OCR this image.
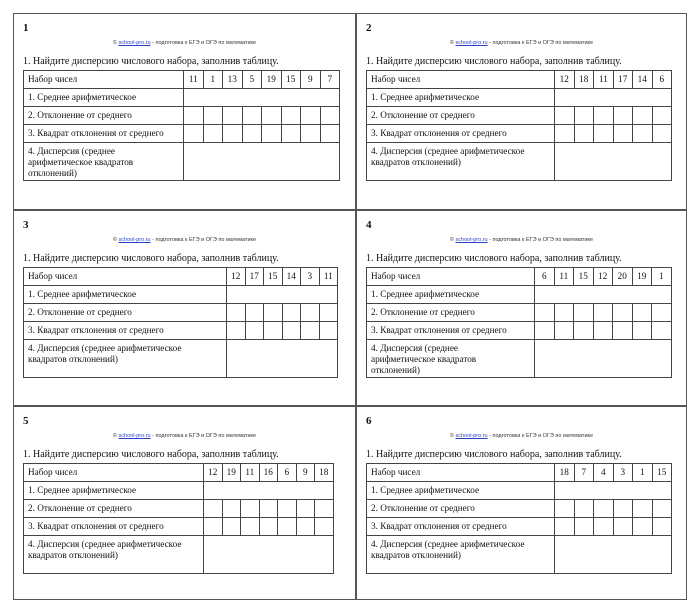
1
© school-pro.ru - подготовка к ЕГЭ и ОГЭ по математике
1. Найдите дисперсию числового набора, заполнив таблицу.
Набор чисел	11	1	13	5	19	15	9	7
1. Среднее арифметическое								
2. Отклонение от среднего								
3. Квадрат отклонения от среднего								
4. Дисперсия (среднее
арифметическое квадратов
отклонений)								
2
© school-pro.ru - подготовка к ЕГЭ и ОГЭ по математике
1. Найдите дисперсию числового набора, заполнив таблицу.
Набор чисел	12	18	11	17	14	6
1. Среднее арифметическое						
2. Отклонение от среднего						
3. Квадрат отклонения от среднего						
4. Дисперсия (среднее арифметическое
квадратов отклонений)						
3
© school-pro.ru - подготовка к ЕГЭ и ОГЭ по математике
1. Найдите дисперсию числового набора, заполнив таблицу.
Набор чисел	12	17	15	14	3	11
1. Среднее арифметическое						
2. Отклонение от среднего						
3. Квадрат отклонения от среднего						
4. Дисперсия (среднее арифметическое
квадратов отклонений)						
4
© school-pro.ru - подготовка к ЕГЭ и ОГЭ по математике
1. Найдите дисперсию числового набора, заполнив таблицу.
Набор чисел	6	11	15	12	20	19	1
1. Среднее арифметическое							
2. Отклонение от среднего							
3. Квадрат отклонения от среднего							
4. Дисперсия (среднее
арифметическое квадратов
отклонений)							
5
© school-pro.ru - подготовка к ЕГЭ и ОГЭ по математике
1. Найдите дисперсию числового набора, заполнив таблицу.
Набор чисел	12	19	11	16	6	9	18
1. Среднее арифметическое							
2. Отклонение от среднего							
3. Квадрат отклонения от среднего							
4. Дисперсия (среднее арифметическое
квадратов отклонений)							
6
© school-pro.ru - подготовка к ЕГЭ и ОГЭ по математике
1. Найдите дисперсию числового набора, заполнив таблицу.
Набор чисел	18	7	4	3	1	15
1. Среднее арифметическое						
2. Отклонение от среднего						
3. Квадрат отклонения от среднего						
4. Дисперсия (среднее арифметическое
квадратов отклонений)						
